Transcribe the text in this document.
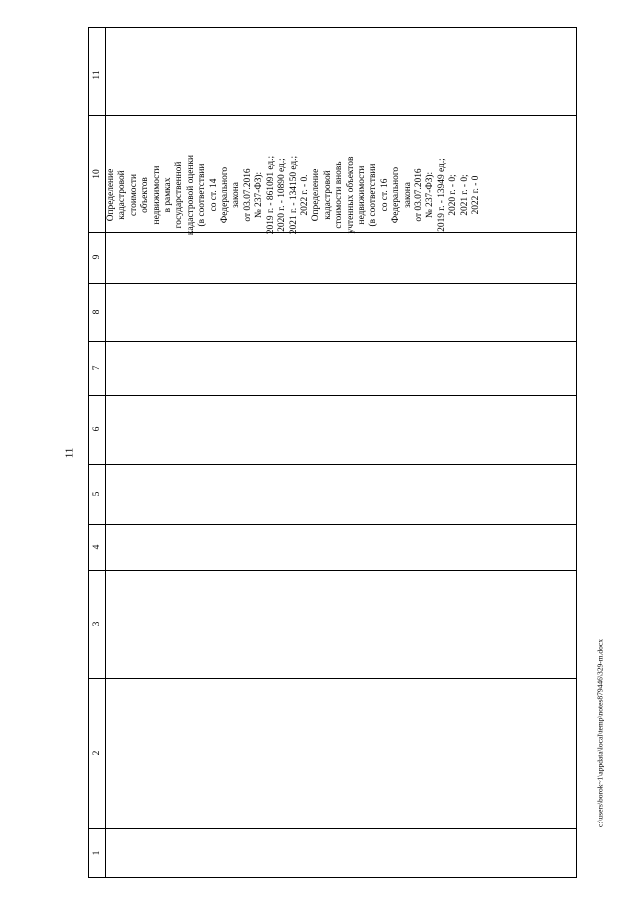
11
c:\users\borok~1\appdata\local\temp\notes879446\329-m.docx
1
2
3
4
5
6
7
8
9
10
11
Определение кадастровой стоимости объектов недвижимости в рамках государственной кадастровой оценки (в соответствии со ст. 14 Федерального закона от 03.07.2016 № 237-ФЗ): 2019 г. - 861091 ед.; 2020 г. - 10890 ед.; 2021 г. - 134150 ед.; 2022 г. - 0. Определение кадастровой стоимости вновь учтенных объектов недвижимости (в соответствии со ст. 16 Федерального закона от 03.07.2016 № 237-ФЗ): 2019 г. - 13949 ед.; 2020 г. - 0; 2021 г. - 0; 2022 г. - 0
